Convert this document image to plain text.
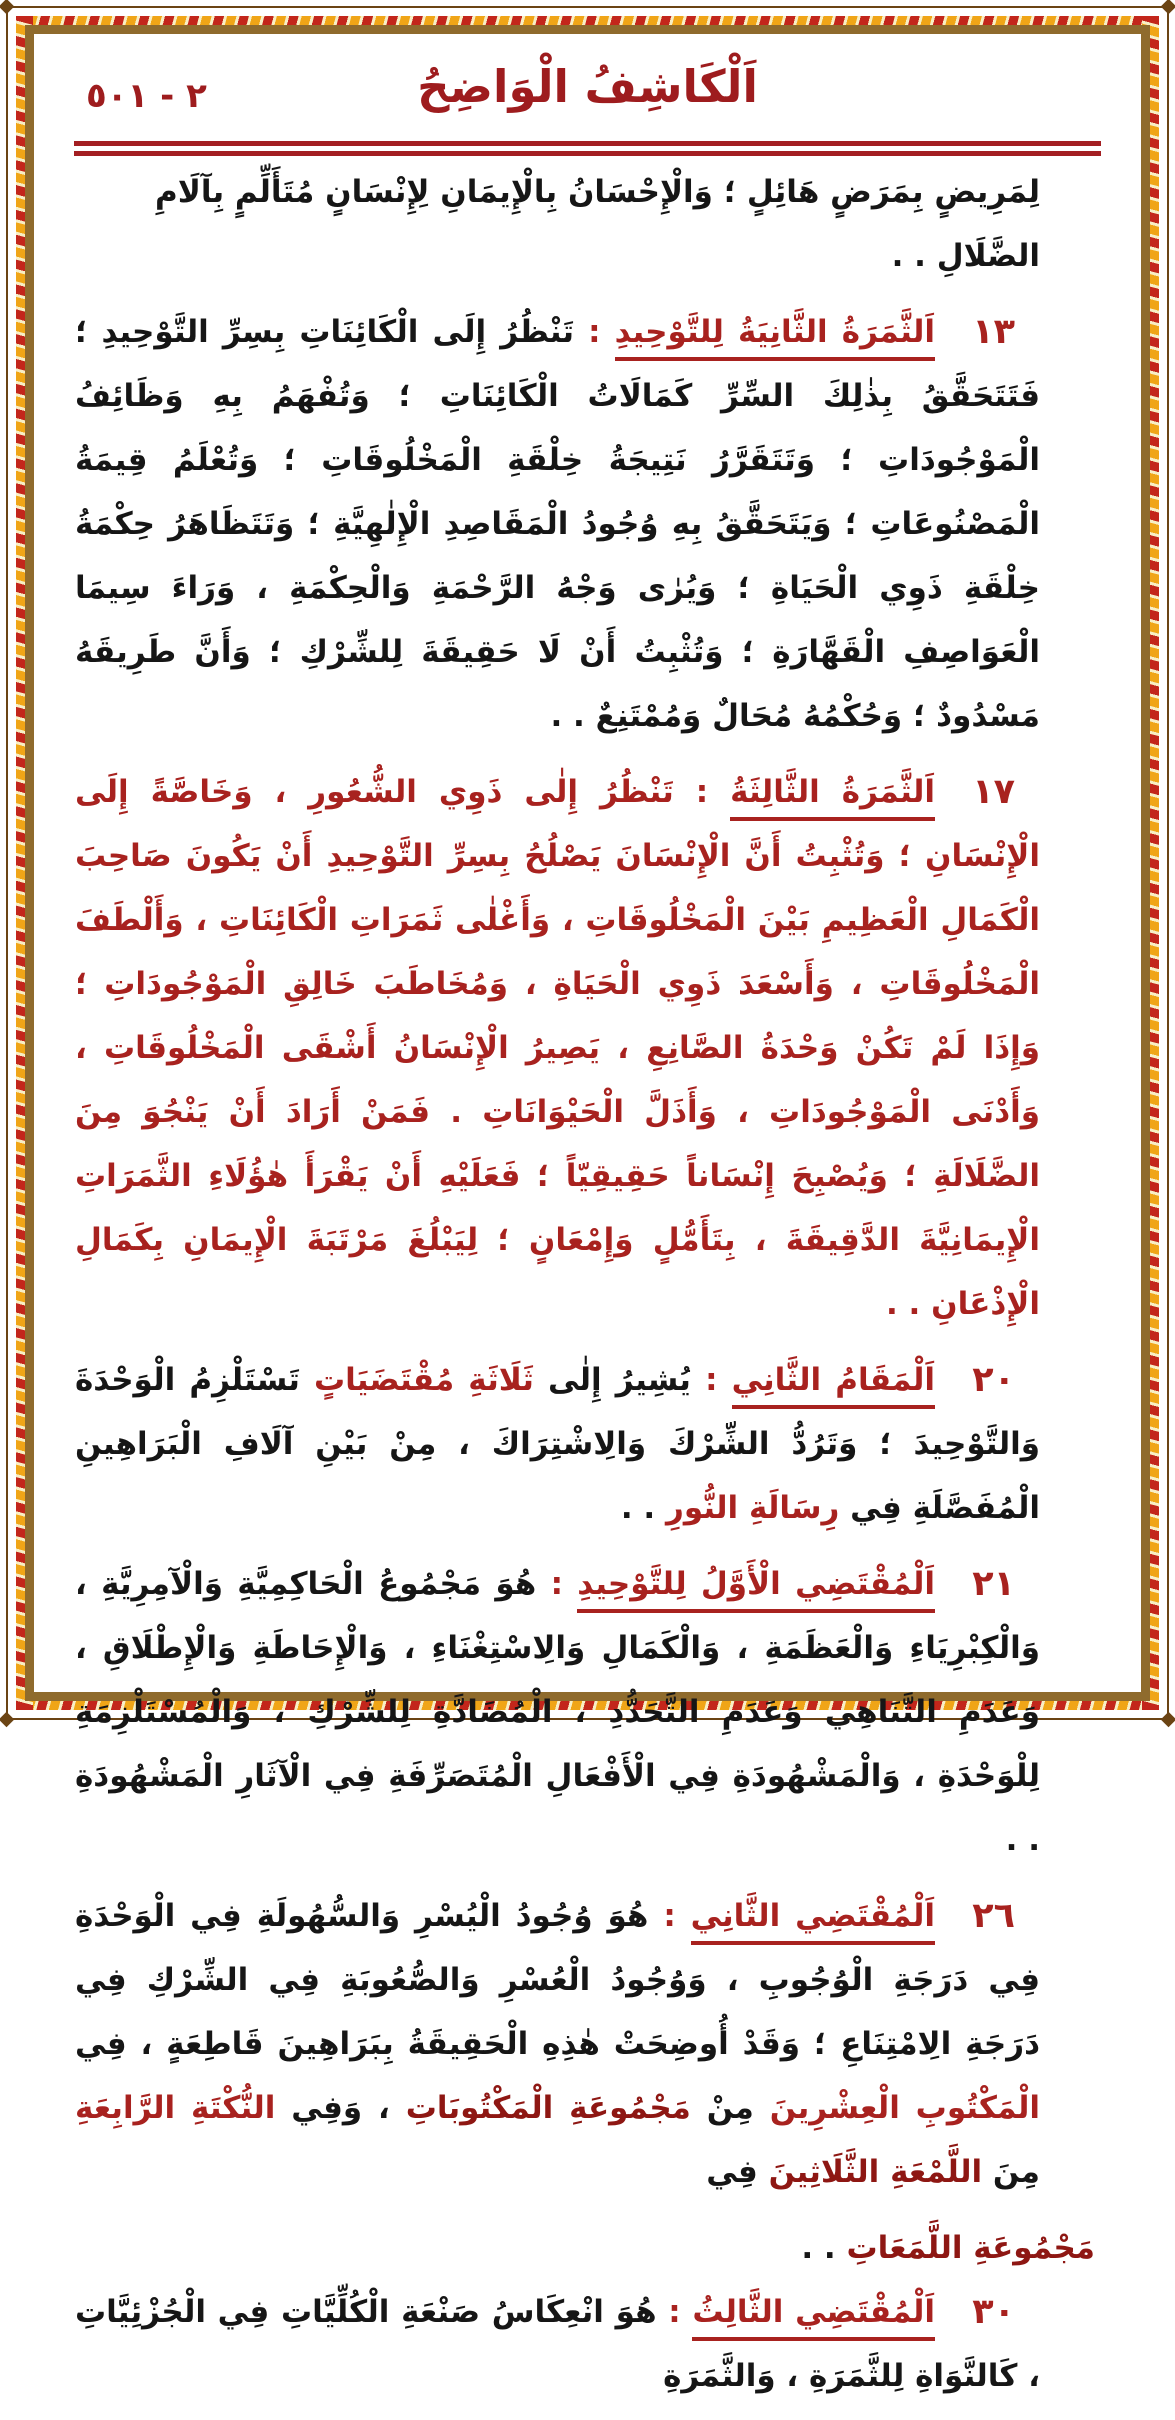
اَلْكَاشِفُ الْوَاضِحُ
٢ - ٥٠١

لِمَرِيضٍ بِمَرَضٍ هَائِلٍ ؛ وَالْإِحْسَانُ بِالْإِيمَانِ لِإِنْسَانٍ مُتَأَلِّمٍ بِآلَامِ الضَّلَالِ . .

١٣
اَلثَّمَرَةُ الثَّانِيَةُ لِلتَّوْحِيدِ : تَنْظُرُ إِلَى الْكَائِنَاتِ بِسِرِّ التَّوْحِيدِ ؛ فَتَتَحَقَّقُ بِذٰلِكَ السِّرِّ كَمَالَاتُ الْكَائِنَاتِ ؛ وَتُفْهَمُ بِهِ وَظَائِفُ الْمَوْجُودَاتِ ؛ وَتَتَقَرَّرُ نَتِيجَةُ خِلْقَةِ الْمَخْلُوقَاتِ ؛ وَتُعْلَمُ قِيمَةُ الْمَصْنُوعَاتِ ؛ وَيَتَحَقَّقُ بِهِ وُجُودُ الْمَقَاصِدِ الْإِلٰهِيَّةِ ؛ وَتَتَظَاهَرُ حِكْمَةُ خِلْقَةِ ذَوِي الْحَيَاةِ ؛ وَيُرٰى وَجْهُ الرَّحْمَةِ وَالْحِكْمَةِ ، وَرَاءَ سِيمَا الْعَوَاصِفِ الْقَهَّارَةِ ؛ وَتُثْبِتُ أَنْ لَا حَقِيقَةَ لِلشِّرْكِ ؛ وَأَنَّ طَرِيقَهُ مَسْدُودٌ ؛ وَحُكْمُهُ مُحَالٌ وَمُمْتَنِعٌ . .
١٧
اَلثَّمَرَةُ الثَّالِثَةُ : تَنْظُرُ إِلٰى ذَوِي الشُّعُورِ ، وَخَاصَّةً إِلَى الْإِنْسَانِ ؛ وَتُثْبِتُ أَنَّ الْإِنْسَانَ يَصْلُحُ بِسِرِّ التَّوْحِيدِ أَنْ يَكُونَ صَاحِبَ الْكَمَالِ الْعَظِيمِ بَيْنَ الْمَخْلُوقَاتِ ، وَأَغْلٰى ثَمَرَاتِ الْكَائِنَاتِ ، وَأَلْطَفَ الْمَخْلُوقَاتِ ، وَأَسْعَدَ ذَوِي الْحَيَاةِ ، وَمُخَاطَبَ خَالِقِ الْمَوْجُودَاتِ ؛ وَإِذَا لَمْ تَكُنْ وَحْدَةُ الصَّانِعِ ، يَصِيرُ الْإِنْسَانُ أَشْقَى الْمَخْلُوقَاتِ ، وَأَدْنَى الْمَوْجُودَاتِ ، وَأَذَلَّ الْحَيْوَانَاتِ . فَمَنْ أَرَادَ أَنْ يَنْجُوَ مِنَ الضَّلَالَةِ ؛ وَيُصْبِحَ إِنْسَاناً حَقِيقِيّاً ؛ فَعَلَيْهِ أَنْ يَقْرَأَ هٰؤُلَاءِ الثَّمَرَاتِ الْإِيمَانِيَّةَ الدَّقِيقَةَ ، بِتَأَمُّلٍ وَإِمْعَانٍ ؛ لِيَبْلُغَ مَرْتَبَةَ الْإِيمَانِ بِكَمَالِ الْإِذْعَانِ . .
٢٠
اَلْمَقَامُ الثَّانِي : يُشِيرُ إِلٰى ثَلَاثَةِ مُقْتَضَيَاتٍ تَسْتَلْزِمُ الْوَحْدَةَ وَالتَّوْحِيدَ ؛ وَتَرُدُّ الشِّرْكَ وَالِاشْتِرَاكَ ، مِنْ بَيْنِ آلَافِ الْبَرَاهِينِ الْمُفَصَّلَةِ فِي رِسَالَةِ النُّورِ . .
٢١
اَلْمُقْتَضِي الْأَوَّلُ لِلتَّوْحِيدِ : هُوَ مَجْمُوعُ الْحَاكِمِيَّةِ وَالْآمِرِيَّةِ ، وَالْكِبْرِيَاءِ وَالْعَظَمَةِ ، وَالْكَمَالِ وَالِاسْتِغْنَاءِ ، وَالْإِحَاطَةِ وَالْإِطْلَاقِ ، وَعَدَمِ التَّنَاهِي وَعَدَمِ التَّحَدُّدِ ، الْمُضَادَّةِ لِلشِّرْكِ ، وَالْمُسْتَلْزِمَةِ لِلْوَحْدَةِ ، وَالْمَشْهُودَةِ فِي الْأَفْعَالِ الْمُتَصَرِّفَةِ فِي الْآثَارِ الْمَشْهُودَةِ . .
٢٦
اَلْمُقْتَضِي الثَّانِي : هُوَ وُجُودُ الْيُسْرِ وَالسُّهُولَةِ فِي الْوَحْدَةِ فِي دَرَجَةِ الْوُجُوبِ ، وَوُجُودُ الْعُسْرِ وَالصُّعُوبَةِ فِي الشِّرْكِ فِي دَرَجَةِ الِامْتِنَاعِ ؛ وَقَدْ أُوضِحَتْ هٰذِهِ الْحَقِيقَةُ بِبَرَاهِينَ قَاطِعَةٍ ، فِي الْمَكْتُوبِ الْعِشْرِينَ مِنْ مَجْمُوعَةِ الْمَكْتُوبَاتِ ، وَفِي النُّكْتَةِ الرَّابِعَةِ مِنَ اللَّمْعَةِ الثَّلَاثِينَ فِي
مَجْمُوعَةِ اللَّمَعَاتِ . .
٣٠
اَلْمُقْتَضِي الثَّالِثُ : هُوَ انْعِكَاسُ صَنْعَةِ الْكُلِّيَّاتِ فِي الْجُزْئِيَّاتِ ، كَالنَّوَاةِ لِلثَّمَرَةِ ، وَالثَّمَرَةِ
